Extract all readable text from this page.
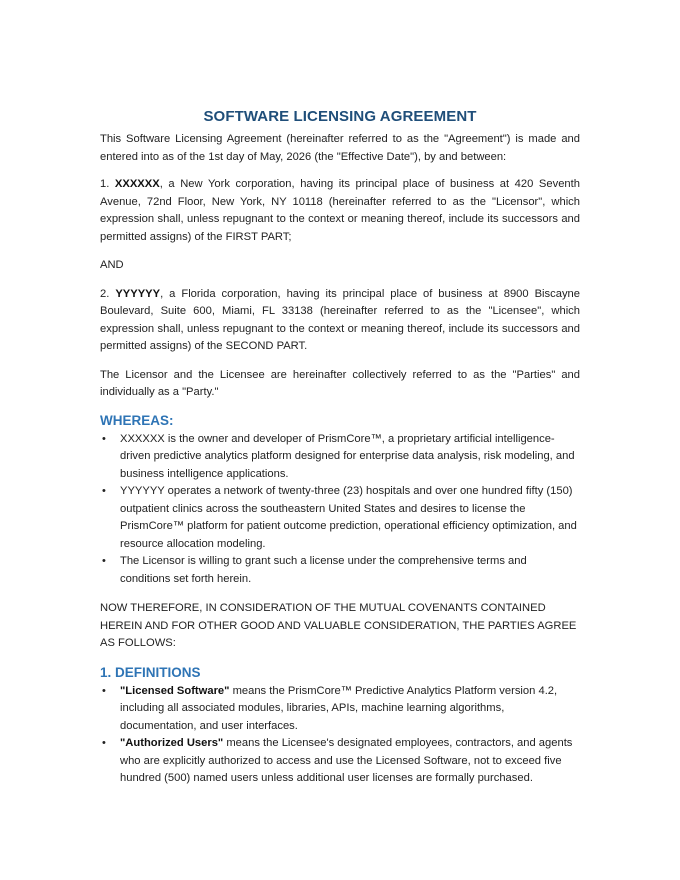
SOFTWARE LICENSING AGREEMENT

This Software Licensing Agreement (hereinafter referred to as the "Agreement") is made and entered into as of the 1st day of May, 2026 (the "Effective Date"), by and between:

1. XXXXXX, a New York corporation, having its principal place of business at 420 Seventh Avenue, 72nd Floor, New York, NY 10118 (hereinafter referred to as the "Licensor", which expression shall, unless repugnant to the context or meaning thereof, include its successors and permitted assigns) of the FIRST PART;

AND

2. YYYYYY, a Florida corporation, having its principal place of business at 8900 Biscayne Boulevard, Suite 600, Miami, FL 33138 (hereinafter referred to as the "Licensee", which expression shall, unless repugnant to the context or meaning thereof, include its successors and permitted assigns) of the SECOND PART.

The Licensor and the Licensee are hereinafter collectively referred to as the "Parties" and individually as a "Party."

WHEREAS:
• XXXXXX is the owner and developer of PrismCore™, a proprietary artificial intelligence-driven predictive analytics platform designed for enterprise data analysis, risk modeling, and business intelligence applications.
• YYYYYY operates a network of twenty-three (23) hospitals and over one hundred fifty (150) outpatient clinics across the southeastern United States and desires to license the PrismCore™ platform for patient outcome prediction, operational efficiency optimization, and resource allocation modeling.
• The Licensor is willing to grant such a license under the comprehensive terms and conditions set forth herein.

NOW THEREFORE, IN CONSIDERATION OF THE MUTUAL COVENANTS CONTAINED HEREIN AND FOR OTHER GOOD AND VALUABLE CONSIDERATION, THE PARTIES AGREE AS FOLLOWS:

1. DEFINITIONS
• "Licensed Software" means the PrismCore™ Predictive Analytics Platform version 4.2, including all associated modules, libraries, APIs, machine learning algorithms, documentation, and user interfaces.
• "Authorized Users" means the Licensee's designated employees, contractors, and agents who are explicitly authorized to access and use the Licensed Software, not to exceed five hundred (500) named users unless additional user licenses are formally purchased.
